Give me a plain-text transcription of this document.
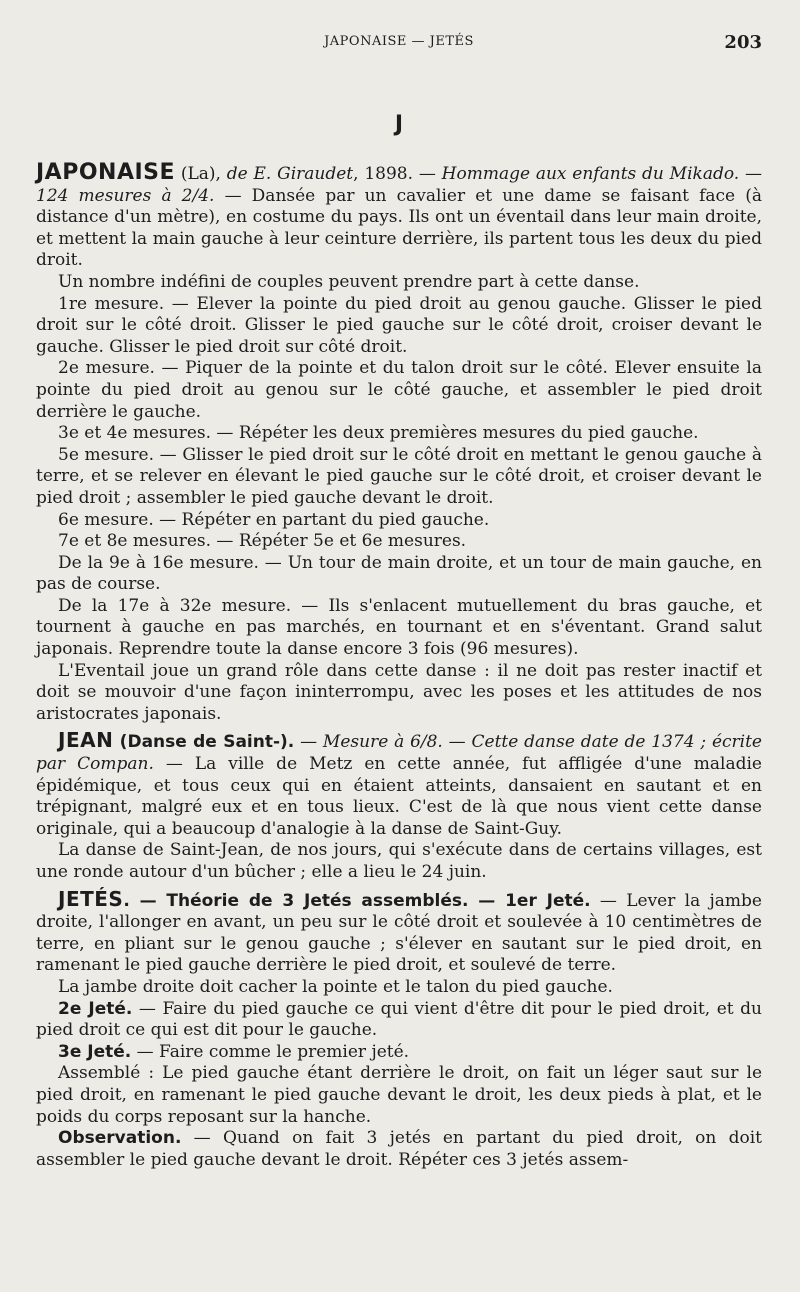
JAPONAISE — JETÉS	203
J

JAPONAISE (La), de E. Giraudet, 1898. — Hommage aux enfants du Mikado. — 124 mesures à 2/4. — Dansée par un cavalier et une dame se faisant face (à distance d'un mètre), en costume du pays. Ils ont un éventail dans leur main droite, et mettent la main gauche à leur ceinture derrière, ils partent tous les deux du pied droit.

Un nombre indéfini de couples peuvent prendre part à cette danse.

1re mesure. — Elever la pointe du pied droit au genou gauche. Glisser le pied droit sur le côté droit. Glisser le pied gauche sur le côté droit, croiser devant le gauche. Glisser le pied droit sur côté droit.

2e mesure. — Piquer de la pointe et du talon droit sur le côté. Elever ensuite la pointe du pied droit au genou sur le côté gauche, et assembler le pied droit derrière le gauche.

3e et 4e mesures. — Répéter les deux premières mesures du pied gauche.

5e mesure. — Glisser le pied droit sur le côté droit en mettant le genou gauche à terre, et se relever en élevant le pied gauche sur le côté droit, et croiser devant le pied droit ; assembler le pied gauche devant le droit.

6e mesure. — Répéter en partant du pied gauche.

7e et 8e mesures. — Répéter 5e et 6e mesures.

De la 9e à 16e mesure. — Un tour de main droite, et un tour de main gauche, en pas de course.

De la 17e à 32e mesure. — Ils s'enlacent mutuellement du bras gauche, et tournent à gauche en pas marchés, en tournant et en s'éventant. Grand salut japonais. Reprendre toute la danse encore 3 fois (96 mesures).

L'Eventail joue un grand rôle dans cette danse : il ne doit pas rester inactif et doit se mouvoir d'une façon ininterrompu, avec les poses et les attitudes de nos aristocrates japonais.

JEAN (Danse de Saint-). — Mesure à 6/8. — Cette danse date de 1374 ; écrite par Compan. — La ville de Metz en cette année, fut affligée d'une maladie épidémique, et tous ceux qui en étaient atteints, dansaient en sautant et en trépignant, malgré eux et en tous lieux. C'est de là que nous vient cette danse originale, qui a beaucoup d'analogie à la danse de Saint-Guy.

La danse de Saint-Jean, de nos jours, qui s'exécute dans de certains villages, est une ronde autour d'un bûcher ; elle a lieu le 24 juin.

JETÉS. — Théorie de 3 Jetés assemblés. — 1er Jeté. — Lever la jambe droite, l'allonger en avant, un peu sur le côté droit et soulevée à 10 centimètres de terre, en pliant sur le genou gauche ; s'élever en sautant sur le pied droit, en ramenant le pied gauche derrière le pied droit, et soulevé de terre.

La jambe droite doit cacher la pointe et le talon du pied gauche.

2e Jeté. — Faire du pied gauche ce qui vient d'être dit pour le pied droit, et du pied droit ce qui est dit pour le gauche.

3e Jeté. — Faire comme le premier jeté.

Assemblé : Le pied gauche étant derrière le droit, on fait un léger saut sur le pied droit, en ramenant le pied gauche devant le droit, les deux pieds à plat, et le poids du corps reposant sur la hanche.

Observation. — Quand on fait 3 jetés en partant du pied droit, on doit assembler le pied gauche devant le droit. Répéter ces 3 jetés assem-
